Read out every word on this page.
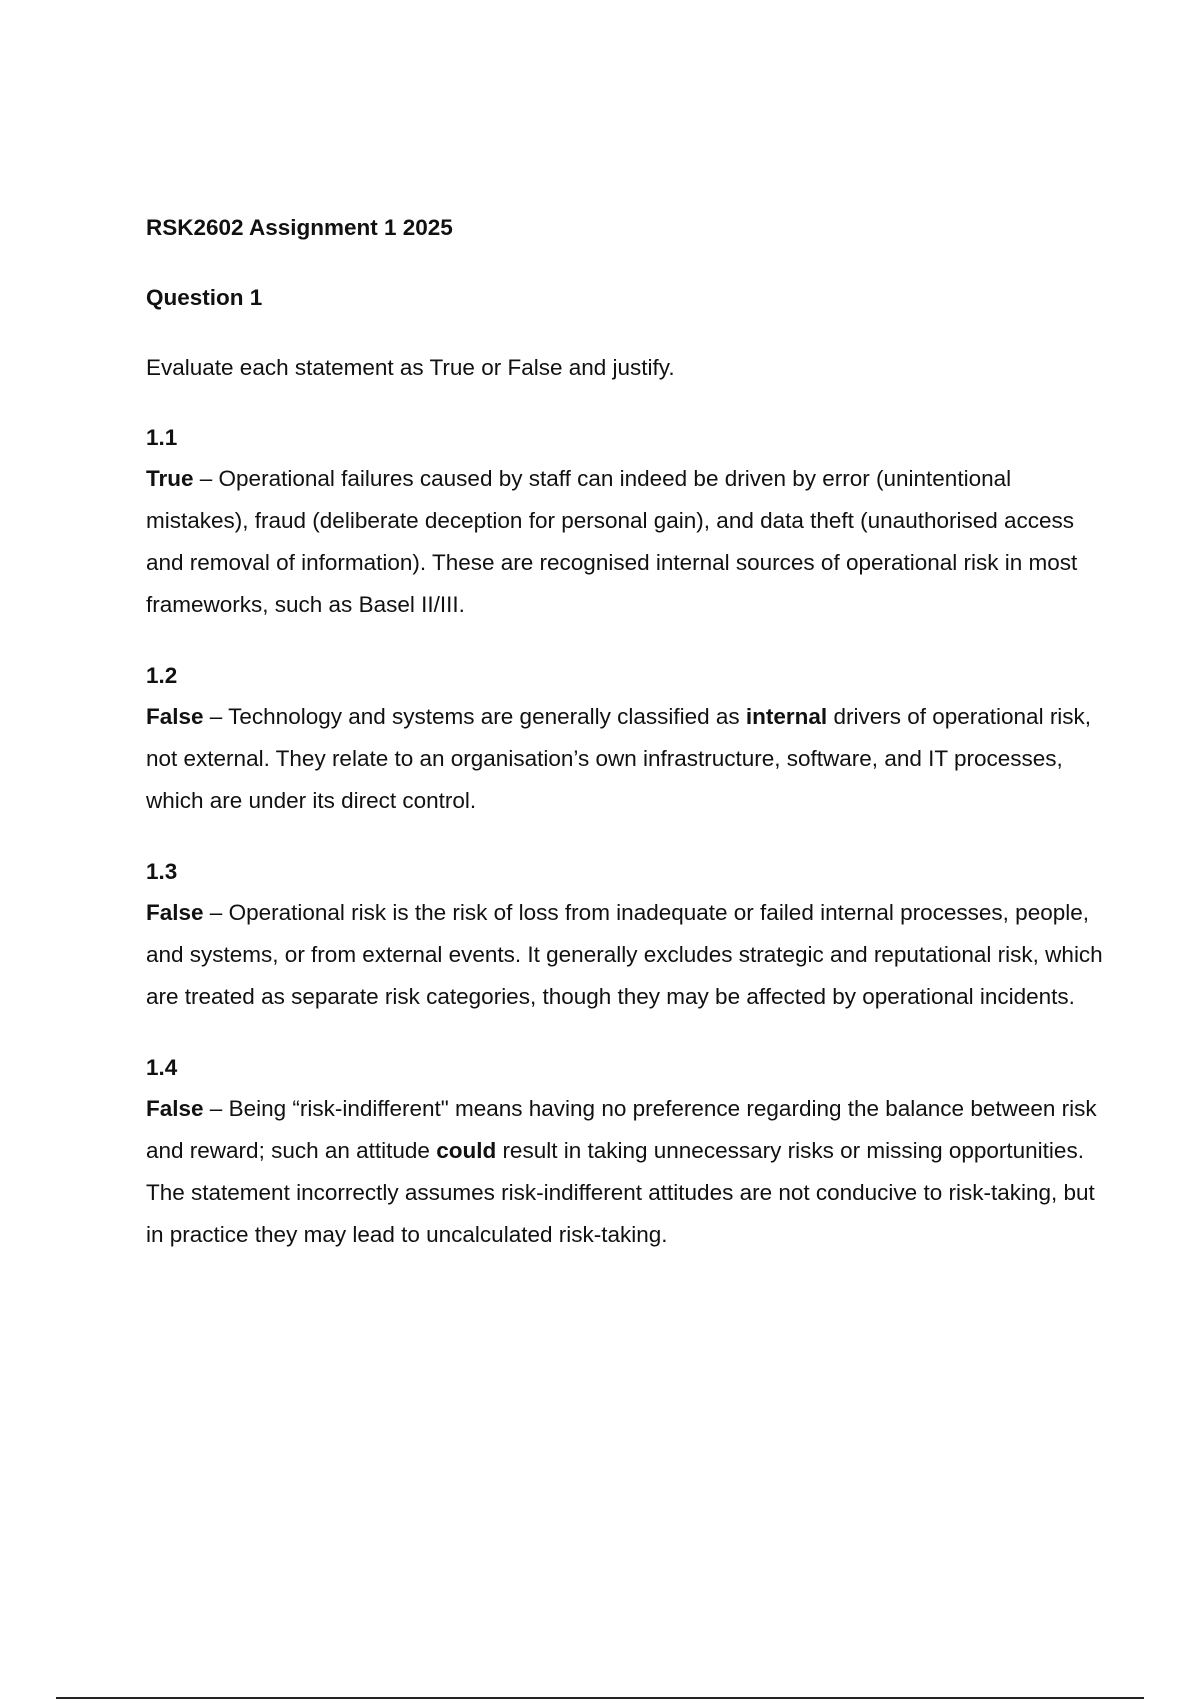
RSK2602 Assignment 1 2025

Question 1

Evaluate each statement as True or False and justify.

1.1

True – Operational failures caused by staff can indeed be driven by error (unintentional mistakes), fraud (deliberate deception for personal gain), and data theft (unauthorised access and removal of information). These are recognised internal sources of operational risk in most frameworks, such as Basel II/III.

1.2

False – Technology and systems are generally classified as internal drivers of operational risk, not external. They relate to an organisation’s own infrastructure, software, and IT processes, which are under its direct control.

1.3

False – Operational risk is the risk of loss from inadequate or failed internal processes, people, and systems, or from external events. It generally excludes strategic and reputational risk, which are treated as separate risk categories, though they may be affected by operational incidents.

1.4

False – Being “risk-indifferent" means having no preference regarding the balance between risk and reward; such an attitude could result in taking unnecessary risks or missing opportunities. The statement incorrectly assumes risk-indifferent attitudes are not conducive to risk-taking, but in practice they may lead to uncalculated risk-taking.
